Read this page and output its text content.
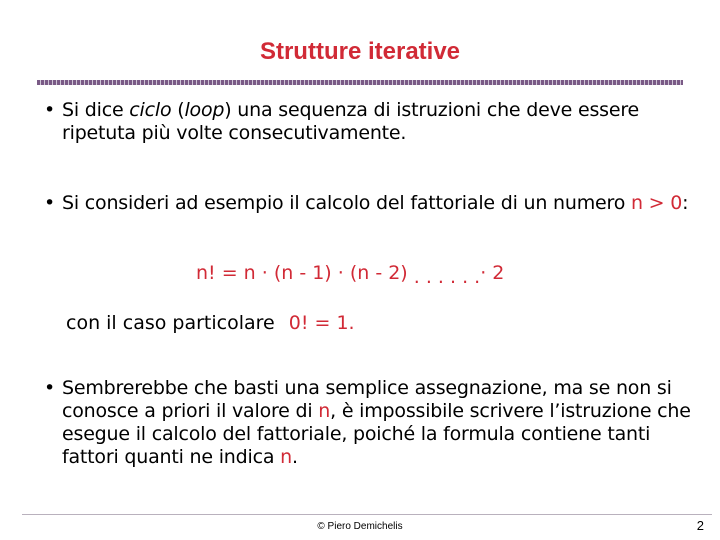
Strutture iterative
• Si dice ciclo (loop) una sequenza di istruzioni che deve essere ripetuta più volte consecutivamente.
• Si consideri ad esempio il calcolo del fattoriale di un numero n > 0:
n! = n · (n - 1) · (n - 2) . . . . . .· 2
con il caso particolare 0! = 1.
• Sembrerebbe che basti una semplice assegnazione, ma se non si conosce a priori il valore di n, è impossibile scrivere l’istruzione che esegue il calcolo del fattoriale, poiché la formula contiene tanti fattori quanti ne indica n.
© Piero Demichelis	2
